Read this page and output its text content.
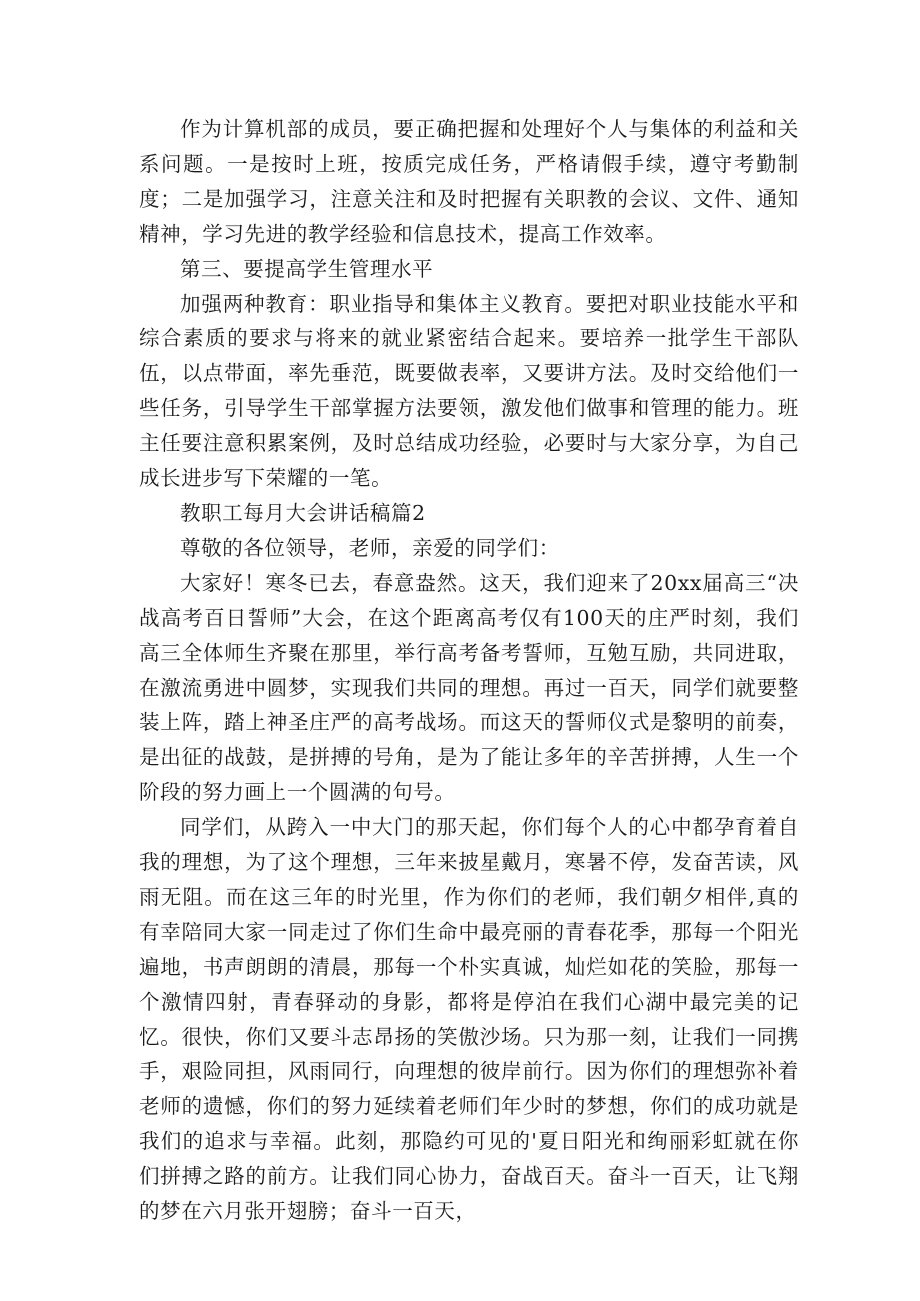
作为计算机部的成员，要正确把握和处理好个人与集体的利益和关系问题。一是按时上班，按质完成任务，严格请假手续，遵守考勤制度；二是加强学习，注意关注和及时把握有关职教的会议、文件、通知精神，学习先进的教学经验和信息技术，提高工作效率。

第三、要提高学生管理水平

加强两种教育：职业指导和集体主义教育。要把对职业技能水平和综合素质的要求与将来的就业紧密结合起来。要培养一批学生干部队伍，以点带面，率先垂范，既要做表率，又要讲方法。及时交给他们一些任务，引导学生干部掌握方法要领，激发他们做事和管理的能力。班主任要注意积累案例，及时总结成功经验，必要时与大家分享，为自己成长进步写下荣耀的一笔。

教职工每月大会讲话稿篇2

尊敬的各位领导，老师，亲爱的同学们：

大家好！寒冬已去，春意盎然。这天，我们迎来了20xx届高三“决战高考百日誓师”大会，在这个距离高考仅有100天的庄严时刻，我们高三全体师生齐聚在那里，举行高考备考誓师，互勉互励，共同进取，在激流勇进中圆梦，实现我们共同的理想。再过一百天，同学们就要整装上阵，踏上神圣庄严的高考战场。而这天的誓师仪式是黎明的前奏，是出征的战鼓，是拼搏的号角，是为了能让多年的辛苦拼搏，人生一个阶段的努力画上一个圆满的句号。

同学们，从跨入一中大门的那天起，你们每个人的心中都孕育着自我的理想，为了这个理想，三年来披星戴月，寒暑不停，发奋苦读，风雨无阻。而在这三年的时光里，作为你们的老师，我们朝夕相伴,真的有幸陪同大家一同走过了你们生命中最亮丽的青春花季，那每一个阳光遍地，书声朗朗的清晨，那每一个朴实真诚，灿烂如花的笑脸，那每一个激情四射，青春驿动的身影，都将是停泊在我们心湖中最完美的记忆。很快，你们又要斗志昂扬的笑傲沙场。只为那一刻，让我们一同携手，艰险同担，风雨同行，向理想的彼岸前行。因为你们的理想弥补着老师的遗憾，你们的努力延续着老师们年少时的梦想，你们的成功就是我们的追求与幸福。此刻，那隐约可见的'夏日阳光和绚丽彩虹就在你们拼搏之路的前方。让我们同心协力，奋战百天。奋斗一百天，让飞翔的梦在六月张开翅膀；奋斗一百天，
